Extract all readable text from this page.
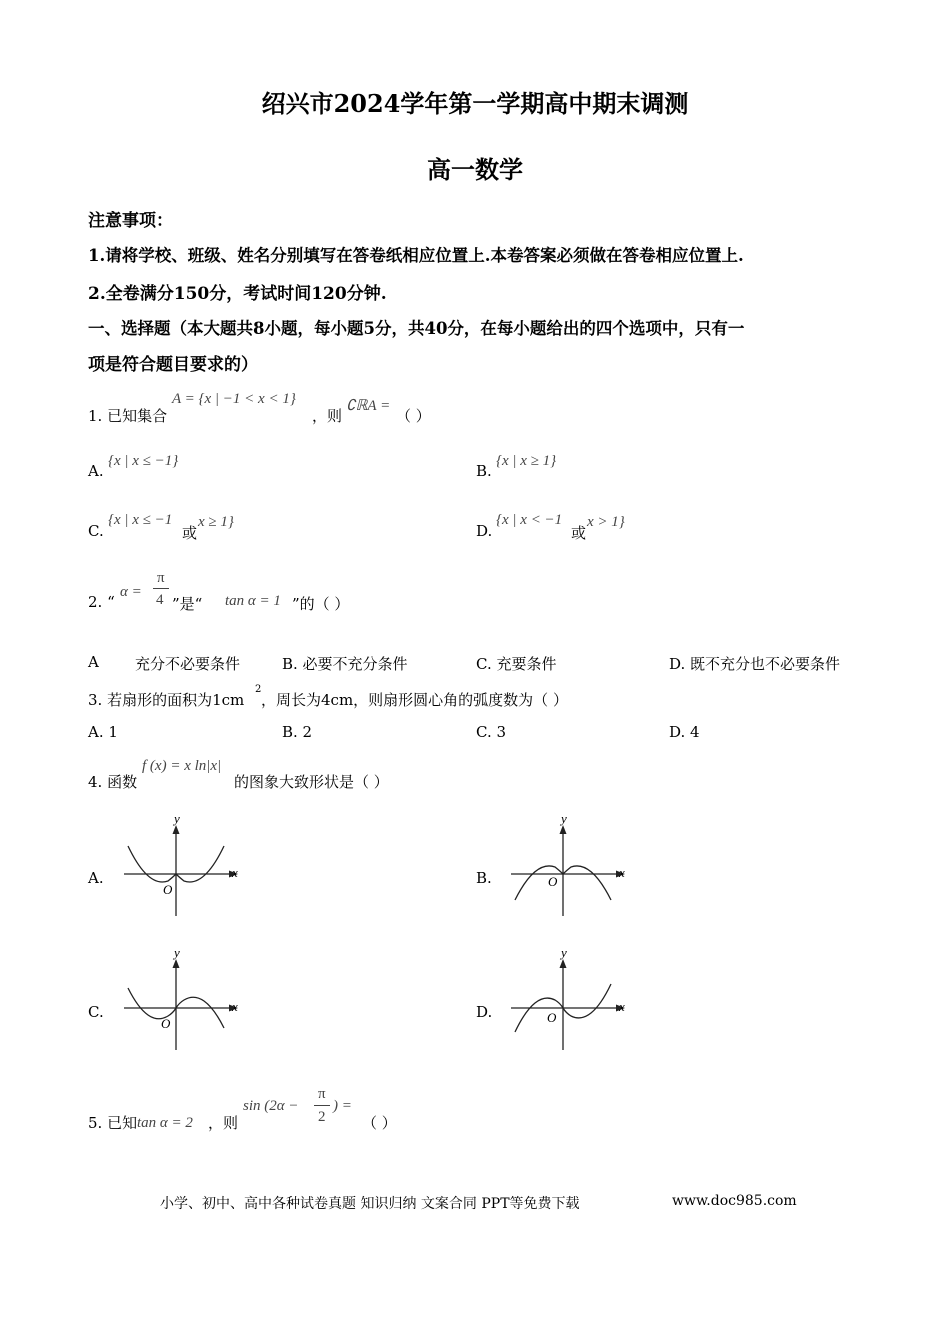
绍兴市2024学年第一学期高中期末调测
高一数学
注意事项：
1.请将学校、班级、姓名分别填写在答卷纸相应位置上.本卷答案必须做在答卷相应位置上.
2.全卷满分150分，考试时间120分钟.
一、选择题（本大题共8小题，每小题5分，共40分，在每小题给出的四个选项中，只有一
项是符合题目要求的）
1. 已知集合
A = {x | −1 < x < 1}
，则
∁ℝA =
（ ）
A.
{x | x ≤ −1}
B.
{x | x ≥ 1}
C.
{x | x ≤ −1
或
x ≥ 1}	D.
{x | x < −1
或
x > 1}
2. “
α =
π
4 ”是“ tan α = 1 ”的（ ）
A 充分不必要条件	B. 必要不充分条件	C. 充要条件	D. 既不充分也不必要条件
3. 若扇形的面积为1cm
2
，周长为4cm，则扇形圆心角的弧度数为（ ）
A. 1	B. 2	C. 3	D. 4
4. 函数
f (x) = x ln|x|
的图象大致形状是（ ）
A.	B.
C.	D.
y
x
O
y
x
O
y
x
O
y
x
O
5. 已知 tan α = 2 ，则
sin (2α −
π
2
) =
（ ）
小学、初中、高中各种试卷真题 知识归纳 文案合同 PPT等免费下载	www.doc985.com
